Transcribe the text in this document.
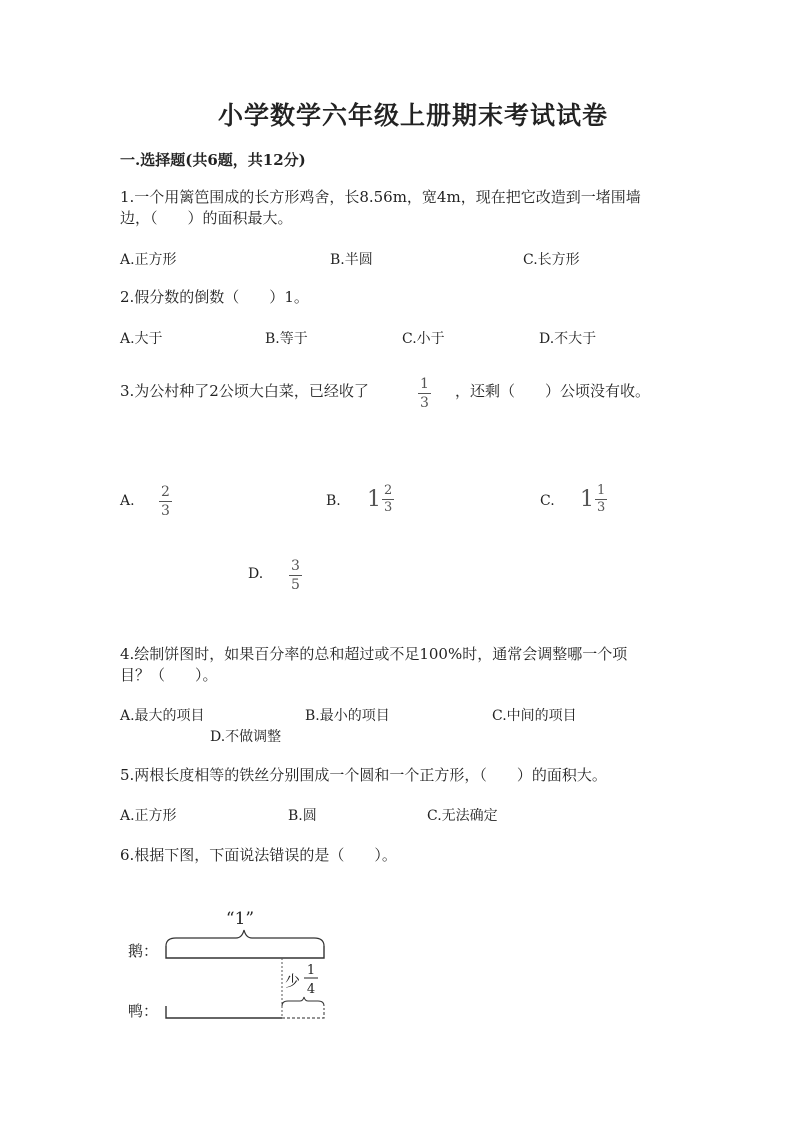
小学数学六年级上册期末考试试卷
一.选择题(共6题，共12分)
1.一个用篱笆围成的长方形鸡舍，长8.56m，宽4m，现在把它改造到一堵围墙
边，（　　）的面积最大。
A.正方形	B.半圆	C.长方形
2.假分数的倒数（　　）1。
A.大于	B.等于	C.小于	D.不大于
3.为公村种了2公顷大白菜，已经收了	1
3
，还剩（　　）公顷没有收。
A.
2
3
B. $1 \frac{2}{3}$	C. $1 \frac{1}{3}$
D. 3
5
4.绘制饼图时，如果百分率的总和超过或不足100%时，通常会调整哪一个项
目？（　　）。
A.最大的项目	B.最小的项目	C.中间的项目
D.不做调整
5.两根长度相等的铁丝分别围成一个圆和一个正方形，（　　）的面积大。
A.正方形	B.圆	C.无法确定
6.根据下图，下面说法错误的是（　　）。
“1”
鹅：
少
1
4
鸭：
